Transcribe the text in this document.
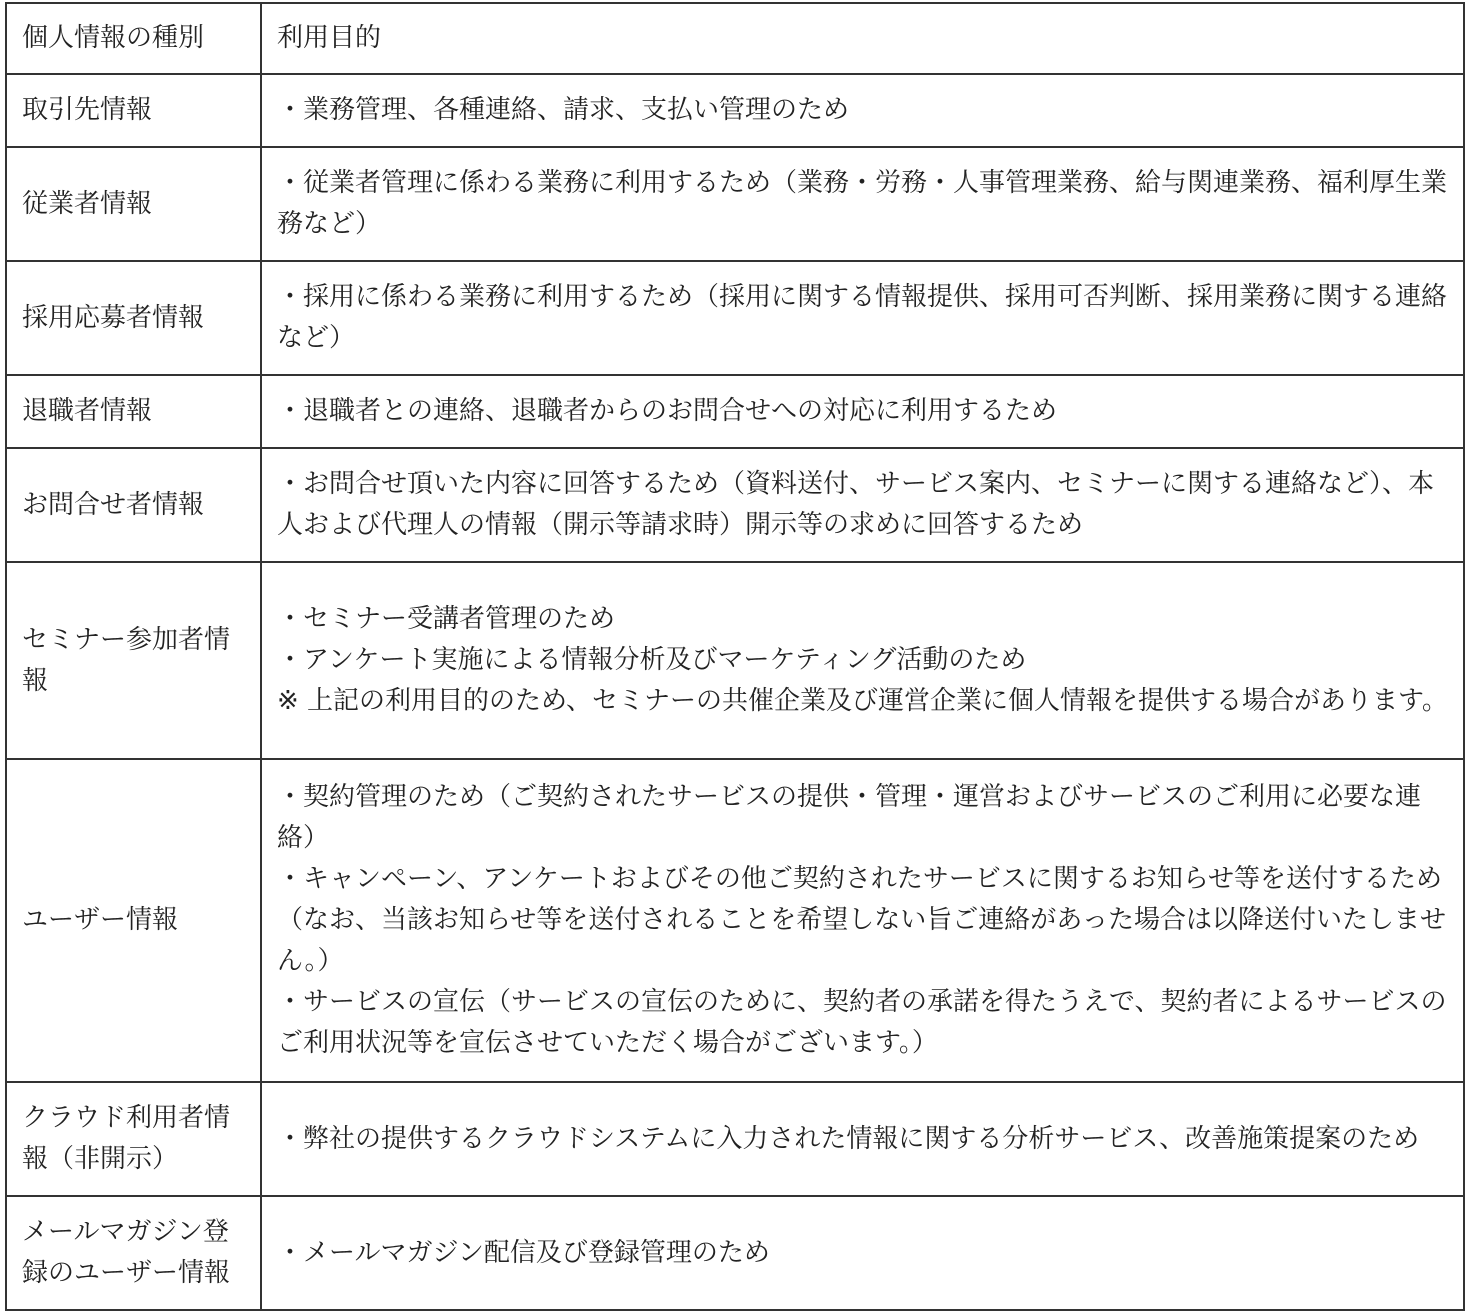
個人情報の種別	利用目的
取引先情報	・業務管理、各種連絡、請求、支払い管理のため

従業者情報	・従業者管理に係わる業務に利用するため（業務・労務・人事管理業務、給与関連業務、福利厚生業務など）

採用応募者情報	・採用に係わる業務に利用するため（採用に関する情報提供、採用可否判断、採用業務に関する連絡など）

退職者情報	・退職者との連絡、退職者からのお問合せへの対応に利用するため

お問合せ者情報	・お問合せ頂いた内容に回答するため（資料送付、サービス案内、セミナーに関する連絡など）、本人および代理人の情報（開示等請求時）開示等の求めに回答するため

セミナー参加者情報	・セミナー受講者管理のため
・アンケート実施による情報分析及びマーケティング活動のため
※ 上記の利用目的のため、セミナーの共催企業及び運営企業に個人情報を提供する場合があります。

ユーザー情報	・契約管理のため（ご契約されたサービスの提供・管理・運営およびサービスのご利用に必要な連絡）
・キャンペーン、アンケートおよびその他ご契約されたサービスに関するお知らせ等を送付するため（なお、当該お知らせ等を送付されることを希望しない旨ご連絡があった場合は以降送付いたしません。）
・サービスの宣伝（サービスの宣伝のために、契約者の承諾を得たうえで、契約者によるサービスのご利用状況等を宣伝させていただく場合がございます。）

クラウド利用者情報（非開示）	・弊社の提供するクラウドシステムに入力された情報に関する分析サービス、改善施策提案のため

メールマガジン登録のユーザー情報	・メールマガジン配信及び登録管理のため
